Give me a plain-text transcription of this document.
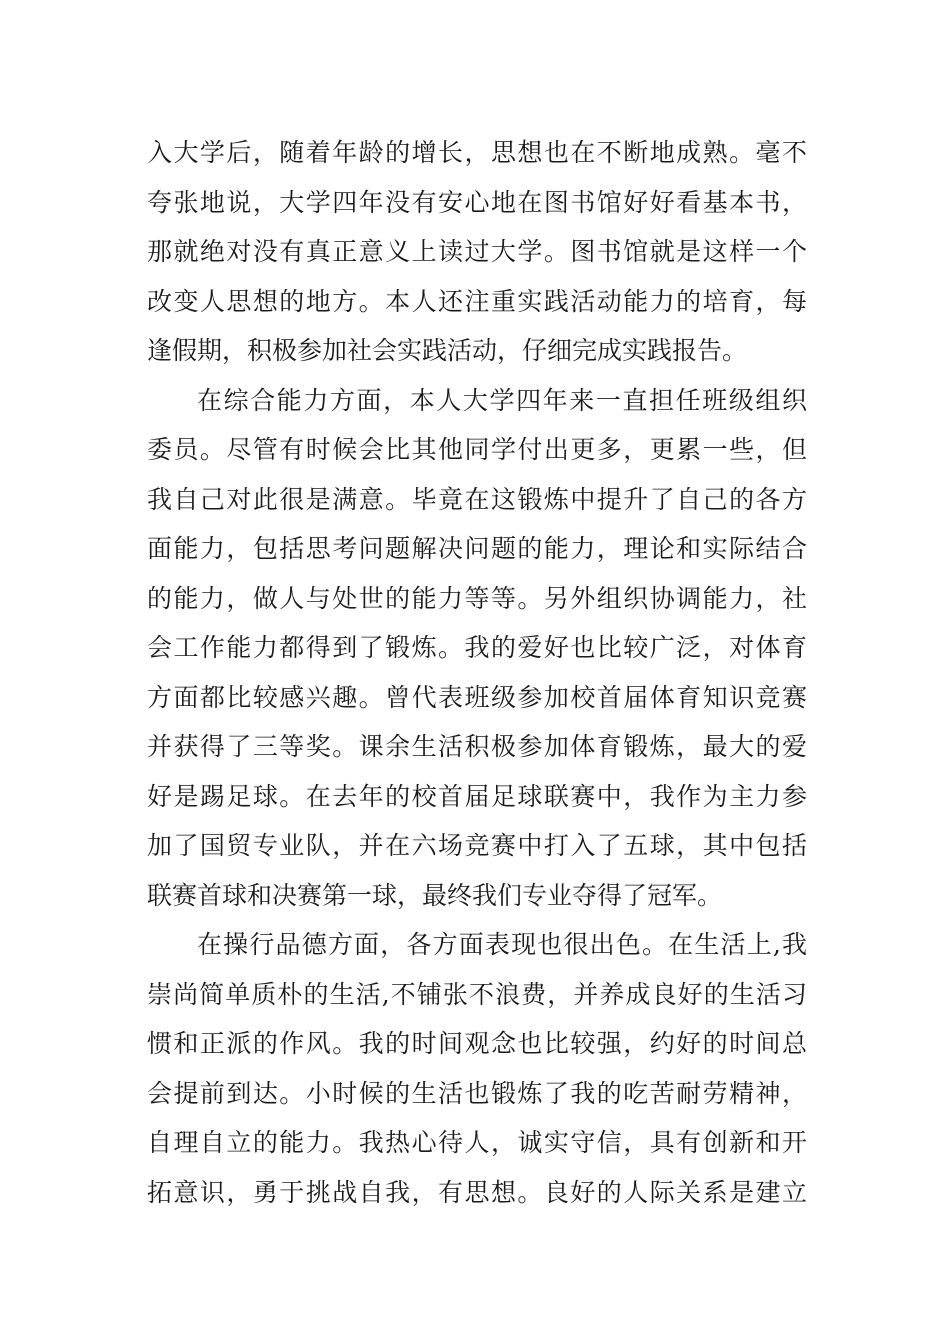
入大学后，随着年龄的增长，思想也在不断地成熟。毫不
夸张地说，大学四年没有安心地在图书馆好好看基本书，
那就绝对没有真正意义上读过大学。图书馆就是这样一个
改变人思想的地方。本人还注重实践活动能力的培育，每
逢假期，积极参加社会实践活动，仔细完成实践报告。
在综合能力方面，本人大学四年来一直担任班级组织
委员。尽管有时候会比其他同学付出更多，更累一些，但
我自己对此很是满意。毕竟在这锻炼中提升了自己的各方
面能力，包括思考问题解决问题的能力，理论和实际结合
的能力，做人与处世的能力等等。另外组织协调能力，社
会工作能力都得到了锻炼。我的爱好也比较广泛，对体育
方面都比较感兴趣。曾代表班级参加校首届体育知识竞赛
并获得了三等奖。课余生活积极参加体育锻炼，最大的爱
好是踢足球。在去年的校首届足球联赛中，我作为主力参
加了国贸专业队，并在六场竞赛中打入了五球，其中包括
联赛首球和决赛第一球，最终我们专业夺得了冠军。
在操行品德方面，各方面表现也很出色。在生活上,我
崇尚简单质朴的生活,不铺张不浪费，并养成良好的生活习
惯和正派的作风。我的时间观念也比较强，约好的时间总
会提前到达。小时候的生活也锻炼了我的吃苦耐劳精神，
自理自立的能力。我热心待人，诚实守信，具有创新和开
拓意识，勇于挑战自我，有思想。良好的人际关系是建立
